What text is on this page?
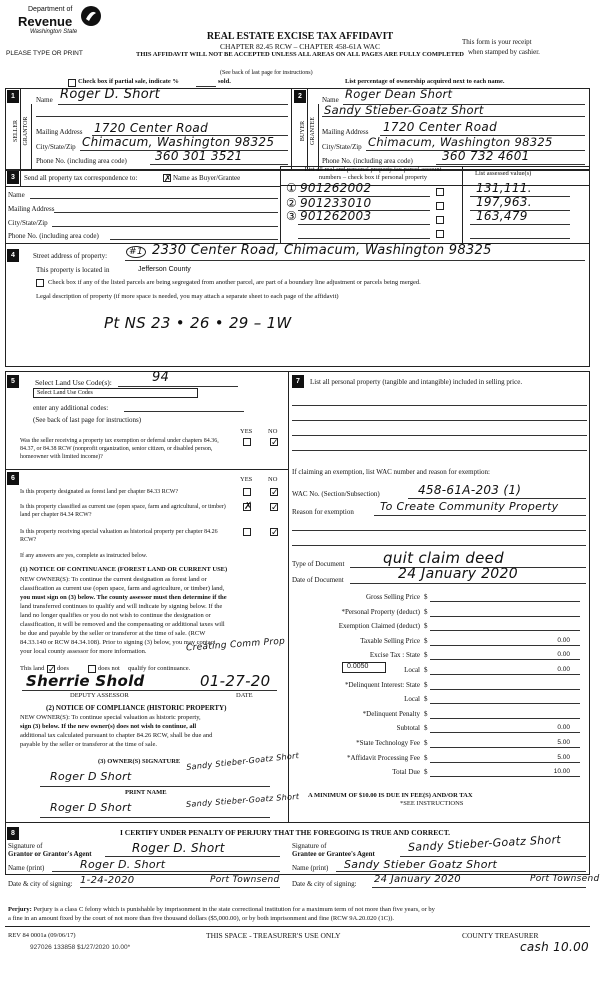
Department of
Revenue
Washington State
PLEASE TYPE OR PRINT
REAL ESTATE EXCISE TAX AFFIDAVIT
CHAPTER 82.45 RCW – CHAPTER 458-61A WAC
THIS AFFIDAVIT WILL NOT BE ACCEPTED UNLESS ALL AREAS ON ALL PAGES ARE FULLY COMPLETED
This form is your receipt
when stamped by cashier.
(See back of last page for instructions)
Check box if partial sale, indicate %	sold.	List percentage of ownership acquired next to each name.
1
SELLER GRANTOR
Name Roger D. Short
Mailing Address 1720 Center Road
City/State/Zip Chimacum, Washington 98325
Phone No. (including area code) 360 301 3521
2
BUYER GRANTEE
Name Roger Dean Short
Sandy Stieber-Goatz Short
Mailing Address 1720 Center Road
City/State/Zip Chimacum, Washington 98325
Phone No. (including area code) 360 732 4601
3	Send all property tax correspondence to:	✗ Name as Buyer/Grantee
Name
Mailing Address
City/State/Zip
Phone No. (including area code)
List all real and personal property tax parcel account
numbers – check box if personal property
List assessed value(s)
① 901262002	131,111.
② 901233010	197,963.
③ 901262003	163,479
4	Street address of property:	#1 2330 Center Road, Chimacum, Washington 98325
This property is located in	Jefferson County
Check box if any of the listed parcels are being segregated from another parcel, are part of a boundary line adjustment or parcels being merged.
Legal description of property (if more space is needed, you may attach a separate sheet to each page of the affidavit)
Pt NS 23 • 26 • 29 – 1W
5	Select Land Use Code(s):	94
Select Land Use Codes
enter any additional codes:
(See back of last page for instructions)
YES NO
Was the seller receiving a property tax exemption or deferral under chapters 84.36, 84.37, or 84.38 RCW (nonprofit organization, senior citizen, or disabled person, homeowner with limited income)?
✓
7	List all personal property (tangible and intangible) included in selling price.
6	YES NO
Is this property designated as forest land per chapter 84.33 RCW?	✓
Is this property classified as current use (open space, farm and agricultural, or timber) land per chapter 84.34 RCW?
✗ ✓
Is this property receiving special valuation as historical property per chapter 84.26 RCW?
✓
If any answers are yes, complete as instructed below.
(1) NOTICE OF CONTINUANCE (FOREST LAND OR CURRENT USE)
NEW OWNER(S): To continue the current designation as forest land or
classification as current use (open space, farm and agriculture, or timber) land,
you must sign on (3) below. The county assessor must then determine if the
land transferred continues to qualify and will indicate by signing below. If the
land no longer qualifies or you do not wish to continue the designation or
classification, it will be removed and the compensating or additional taxes will
be due and payable by the seller or transferor at the time of sale. (RCW
84.33.140 or RCW 84.34.108). Prior to signing (3) below, you may contact
your local county assessor for more information.	Creating Comm Prop
This land ✓ does	does not qualify for continuance.
Sherrie Shold	01-27-20
DEPUTY ASSESSOR	DATE
(2) NOTICE OF COMPLIANCE (HISTORIC PROPERTY)
NEW OWNER(S): To continue special valuation as historic property,
sign (3) below. If the new owner(s) does not wish to continue, all
additional tax calculated pursuant to chapter 84.26 RCW, shall be due and
payable by the seller or transferor at the time of sale.
(3) OWNER(S) SIGNATURE
Roger D Short
Sandy Stieber-Goatz Short
PRINT NAME
Roger D Short	Sandy Stieber-Goatz Short
If claiming an exemption, list WAC number and reason for exemption:
WAC No. (Section/Subsection)	458-61A-203 (1)
Reason for exemption To Create Community Property
Type of Document	quit claim deed
Date of Document	24 January 2020
Gross Selling Price $
*Personal Property (deduct) $
Exemption Claimed (deduct) $
Taxable Selling Price $	0.00
Excise Tax : State $	0.00
Local $	0.00
*Delinquent Interest: State $
Local $
*Delinquent Penalty $
Subtotal $	0.00
*State Technology Fee $	5.00
*Affidavit Processing Fee $	5.00
Total Due $	10.00
0.0050
A MINIMUM OF $10.00 IS DUE IN FEE(S) AND/OR TAX
*SEE INSTRUCTIONS
8	I CERTIFY UNDER PENALTY OF PERJURY THAT THE FOREGOING IS TRUE AND CORRECT.
Signature of
Grantor or Grantor's Agent	Roger D. Short
Name (print)	Roger D. Short
Date & city of signing: 1-24-2020	Port Townsend
Signature of
Grantee or Grantee's Agent
Sandy Stieber-Goatz Short
Name (print) Sandy Stieber Goatz Short
Date & city of signing: 24 January 2020	Port Townsend
Perjury: Perjury is a class C felony which is punishable by imprisonment in the state correctional institution for a maximum term of not more than five years, or by
a fine in an amount fixed by the court of not more than five thousand dollars ($5,000.00), or by both imprisonment and fine (RCW 9A.20.020 (1C)).
REV 84 0001a (09/06/17)	THIS SPACE - TREASURER'S USE ONLY	COUNTY TREASURER
927026 133858 $1/27/2020 10.00*	cash 10.00
